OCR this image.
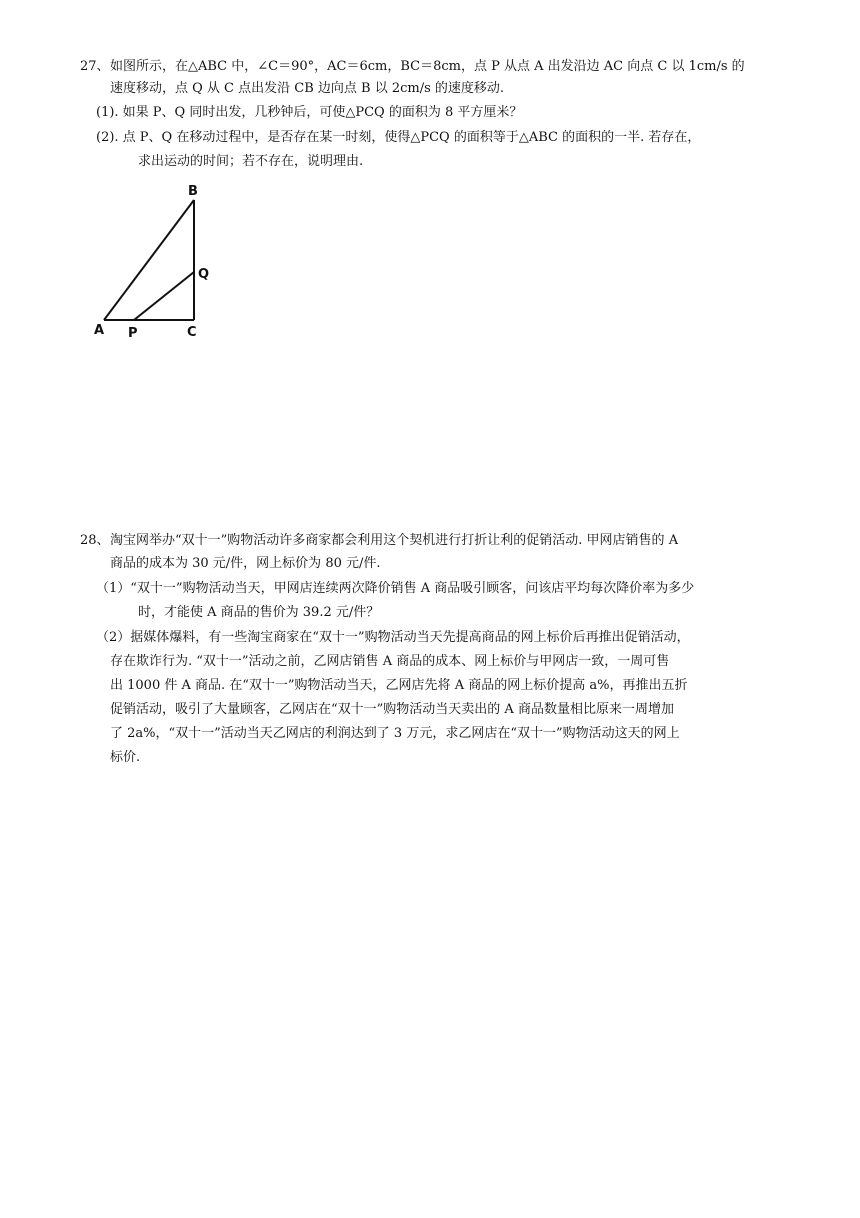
27、 如图所示，在△ABC 中，∠C＝90°，AC＝6cm，BC＝8cm，点 P 从点 A 出发沿边 AC 向点 C 以 1cm/s 的
速度移动，点 Q 从 C 点出发沿 CB 边向点 B 以 2cm/s 的速度移动.
(1). 如果 P、Q 同时出发，几秒钟后，可使△PCQ 的面积为 8 平方厘米？
(2). 点 P、Q 在移动过程中，是否存在某一时刻，使得△PCQ 的面积等于△ABC 的面积的一半. 若存在，
求出运动的时间；若不存在，说明理由.
B
Q
A P	C
28、 淘宝网举办“双十一”购物活动许多商家都会利用这个契机进行打折让利的促销活动. 甲网店销售的 A
商品的成本为 30 元/件，网上标价为 80 元/件.
（1）“双十一”购物活动当天，甲网店连续两次降价销售 A 商品吸引顾客，问该店平均每次降价率为多少
时，才能使 A 商品的售价为 39.2 元/件？
（2）据媒体爆料，有一些淘宝商家在“双十一”购物活动当天先提高商品的网上标价后再推出促销活动，
存在欺诈行为. “双十一”活动之前，乙网店销售 A 商品的成本、网上标价与甲网店一致，一周可售
出 1000 件 A 商品. 在“双十一”购物活动当天，乙网店先将 A 商品的网上标价提高 a%，再推出五折
促销活动，吸引了大量顾客，乙网店在“双十一”购物活动当天卖出的 A 商品数量相比原来一周增加
了 2a%，“双十一”活动当天乙网店的利润达到了 3 万元，求乙网店在“双十一”购物活动这天的网上
标价.
